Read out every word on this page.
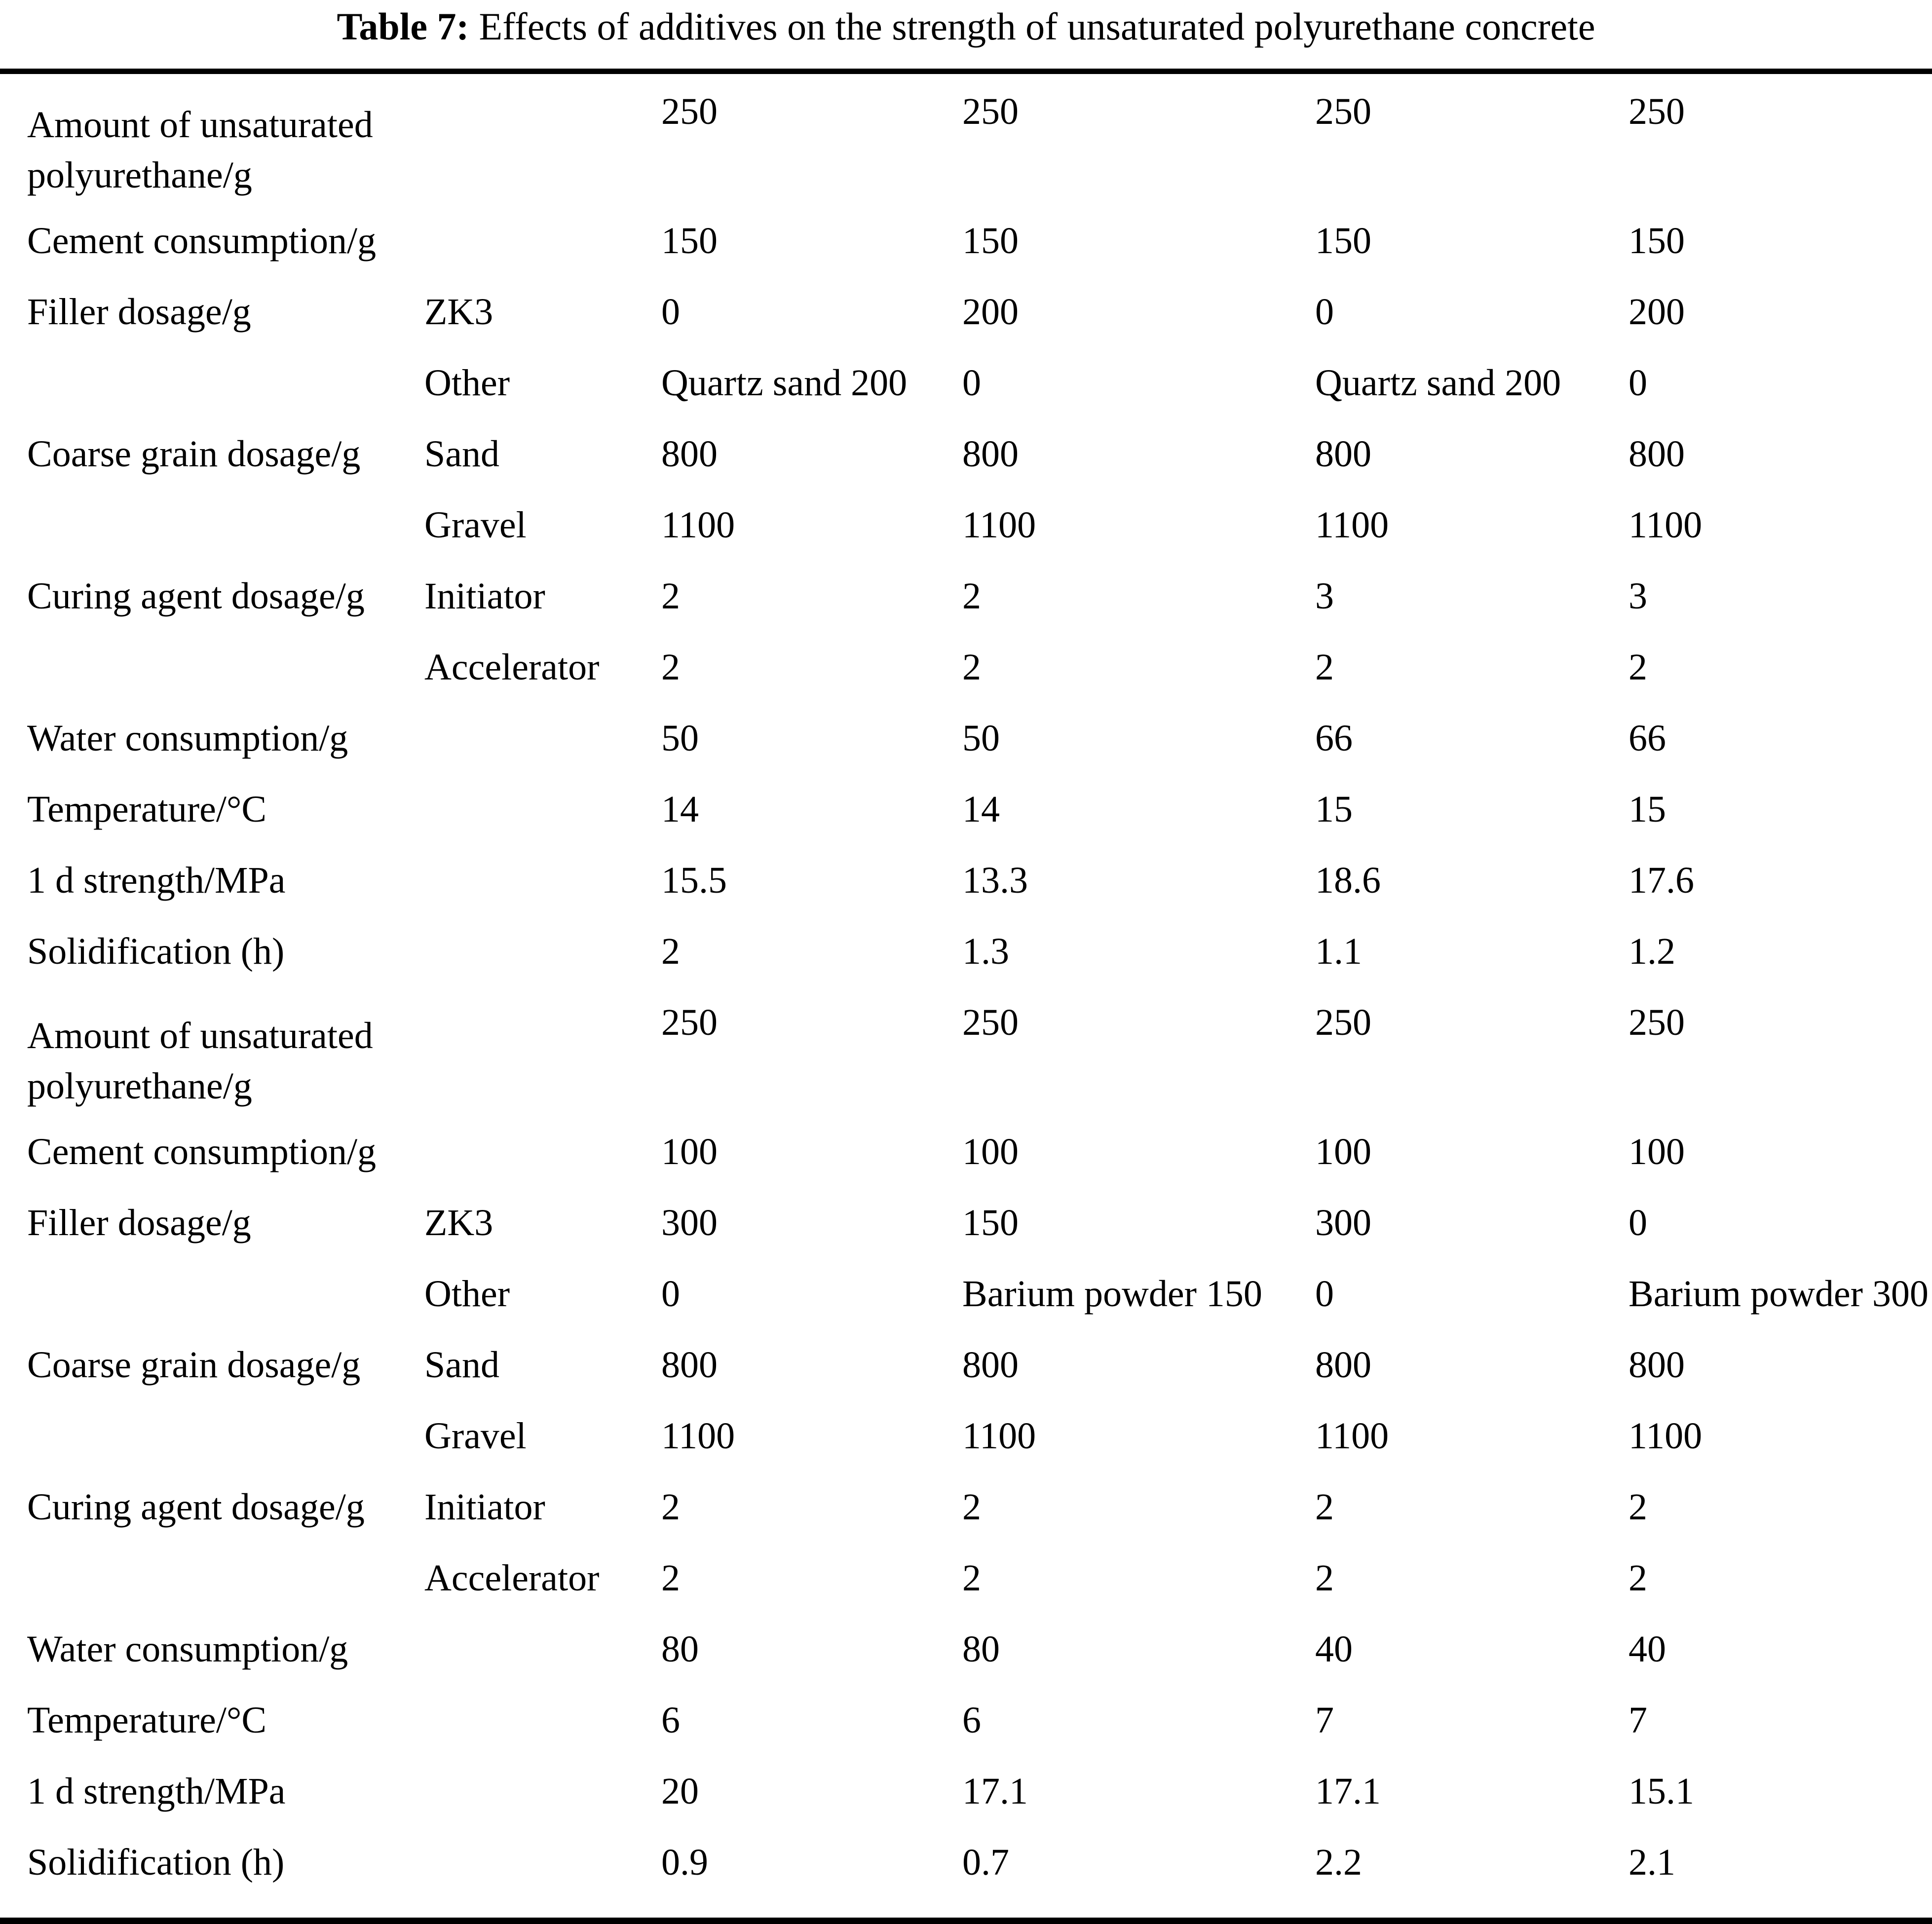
Table 7: Effects of additives on the strength of unsaturated polyurethane concrete
Amount of unsaturated polyurethane/g		250	250	250	250
Cement consumption/g		150	150	150	150
Filler dosage/g	ZK3	0	200	0	200
	Other	Quartz sand 200	0	Quartz sand 200	0
Coarse grain dosage/g	Sand	800	800	800	800
	Gravel	1100	1100	1100	1100
Curing agent dosage/g	Initiator	2	2	3	3
	Accelerator	2	2	2	2
Water consumption/g		50	50	66	66
Temperature/°C		14	14	15	15
1 d strength/MPa		15.5	13.3	18.6	17.6
Solidification (h)		2	1.3	1.1	1.2
Amount of unsaturated polyurethane/g		250	250	250	250
Cement consumption/g		100	100	100	100
Filler dosage/g	ZK3	300	150	300	0
	Other	0	Barium powder 150	0	Barium powder 300
Coarse grain dosage/g	Sand	800	800	800	800
	Gravel	1100	1100	1100	1100
Curing agent dosage/g	Initiator	2	2	2	2
	Accelerator	2	2	2	2
Water consumption/g		80	80	40	40
Temperature/°C		6	6	7	7
1 d strength/MPa		20	17.1	17.1	15.1
Solidification (h)		0.9	0.7	2.2	2.1
